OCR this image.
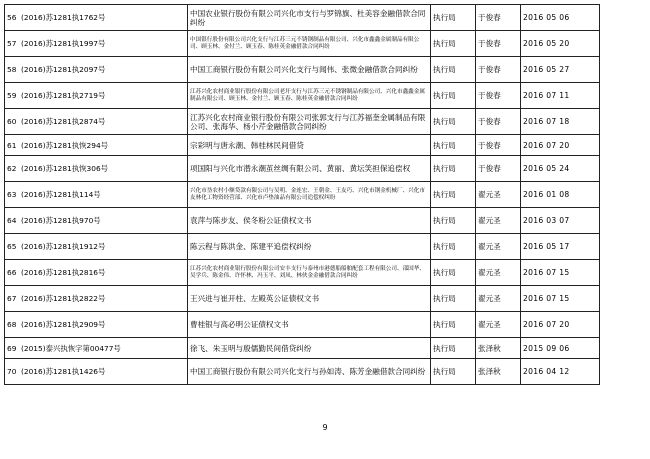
56 (2016)苏1281执1762号	中国农业银行股份有限公司兴化市支行与罗锦旗、杜美容金融借款合同纠纷	执行局	于俊春	2016 05 06
57 (2016)苏1281执1997号	中国银行股份有限公司兴化支行与江苏三元不锈钢制品有限公司、兴化市鑫鑫金属制品有限公司、顾玉林、金付兰、顾玉春、陈桂英金融借款合同纠纷	执行局	于俊春	2016 05 20
58 (2016)苏1281执2097号	中国工商银行股份有限公司兴化支行与闻伟、张微金融借款合同纠纷	执行局	于俊春	2016 05 27
59 (2016)苏1281执2719号	江苏兴化农村商业银行股份有限公司老圩支行与江苏三元不锈钢制品有限公司、兴化市鑫鑫金属制品有限公司、顾玉林、金付兰、顾玉春、陈桂英金融借款合同纠纷	执行局	于俊春	2016 07 11
60 (2016)苏1281执2874号	江苏兴化农村商业银行股份有限公司张郭支行与江苏福奎金属制品有限公司、张海华、杨小芹金融借款合同纠纷	执行局	于俊春	2016 07 18
61 (2016)苏1281执恢294号	宗彩明与唐永潮、韩桂林民间借贷	执行局	于俊春	2016 07 20
62 (2016)苏1281执恢306号	项国阳与兴化市潜永潮茧丝绸有限公司、黄丽、黄坛笑担保追偿权	执行局	于俊春	2016 05 24
63 (2016)苏1281执114号	兴化市垦农村小额贷款有限公司与吴明、金连宏、王朝金、王友巧、兴化市钢金机械厂、兴化市友林化工物资经营部、兴化市卢垫油品有限公司追偿权纠纷	执行局	翟元圣	2016 01 08
64 (2016)苏1281执970号	袁萍与陈步友、侯冬粉公证债权文书	执行局	翟元圣	2016 03 07
65 (2016)苏1281执1912号	陈云程与陈洪金、陈建平追偿权纠纷	执行局	翟元圣	2016 05 17
66 (2016)苏1281执2816号	江苏兴化农村商业银行股份有限公司安丰支行与泰州市港德船船舶配套工程有限公司、邵国华、吴学兵、陈金伟、许怀林、冯玉平、刘凤、林伙金金融借款合同纠纷	执行局	翟元圣	2016 07 15
67 (2016)苏1281执2822号	王兴进与崔开柱、左殿英公证债权文书	执行局	翟元圣	2016 07 15
68 (2016)苏1281执2909号	曹桂银与高必明公证债权文书	执行局	翟元圣	2016 07 20
69 (2015)泰兴执恢字第00477号	徐飞、朱玉明与殷儒勤民间借贷纠纷	执行局	张泽秋	2015 09 06
70 (2016)苏1281执1426号	中国工商银行股份有限公司兴化支行与孙如涛、陈芳金融借款合同纠纷	执行局	张泽秋	2016 04 12
9
